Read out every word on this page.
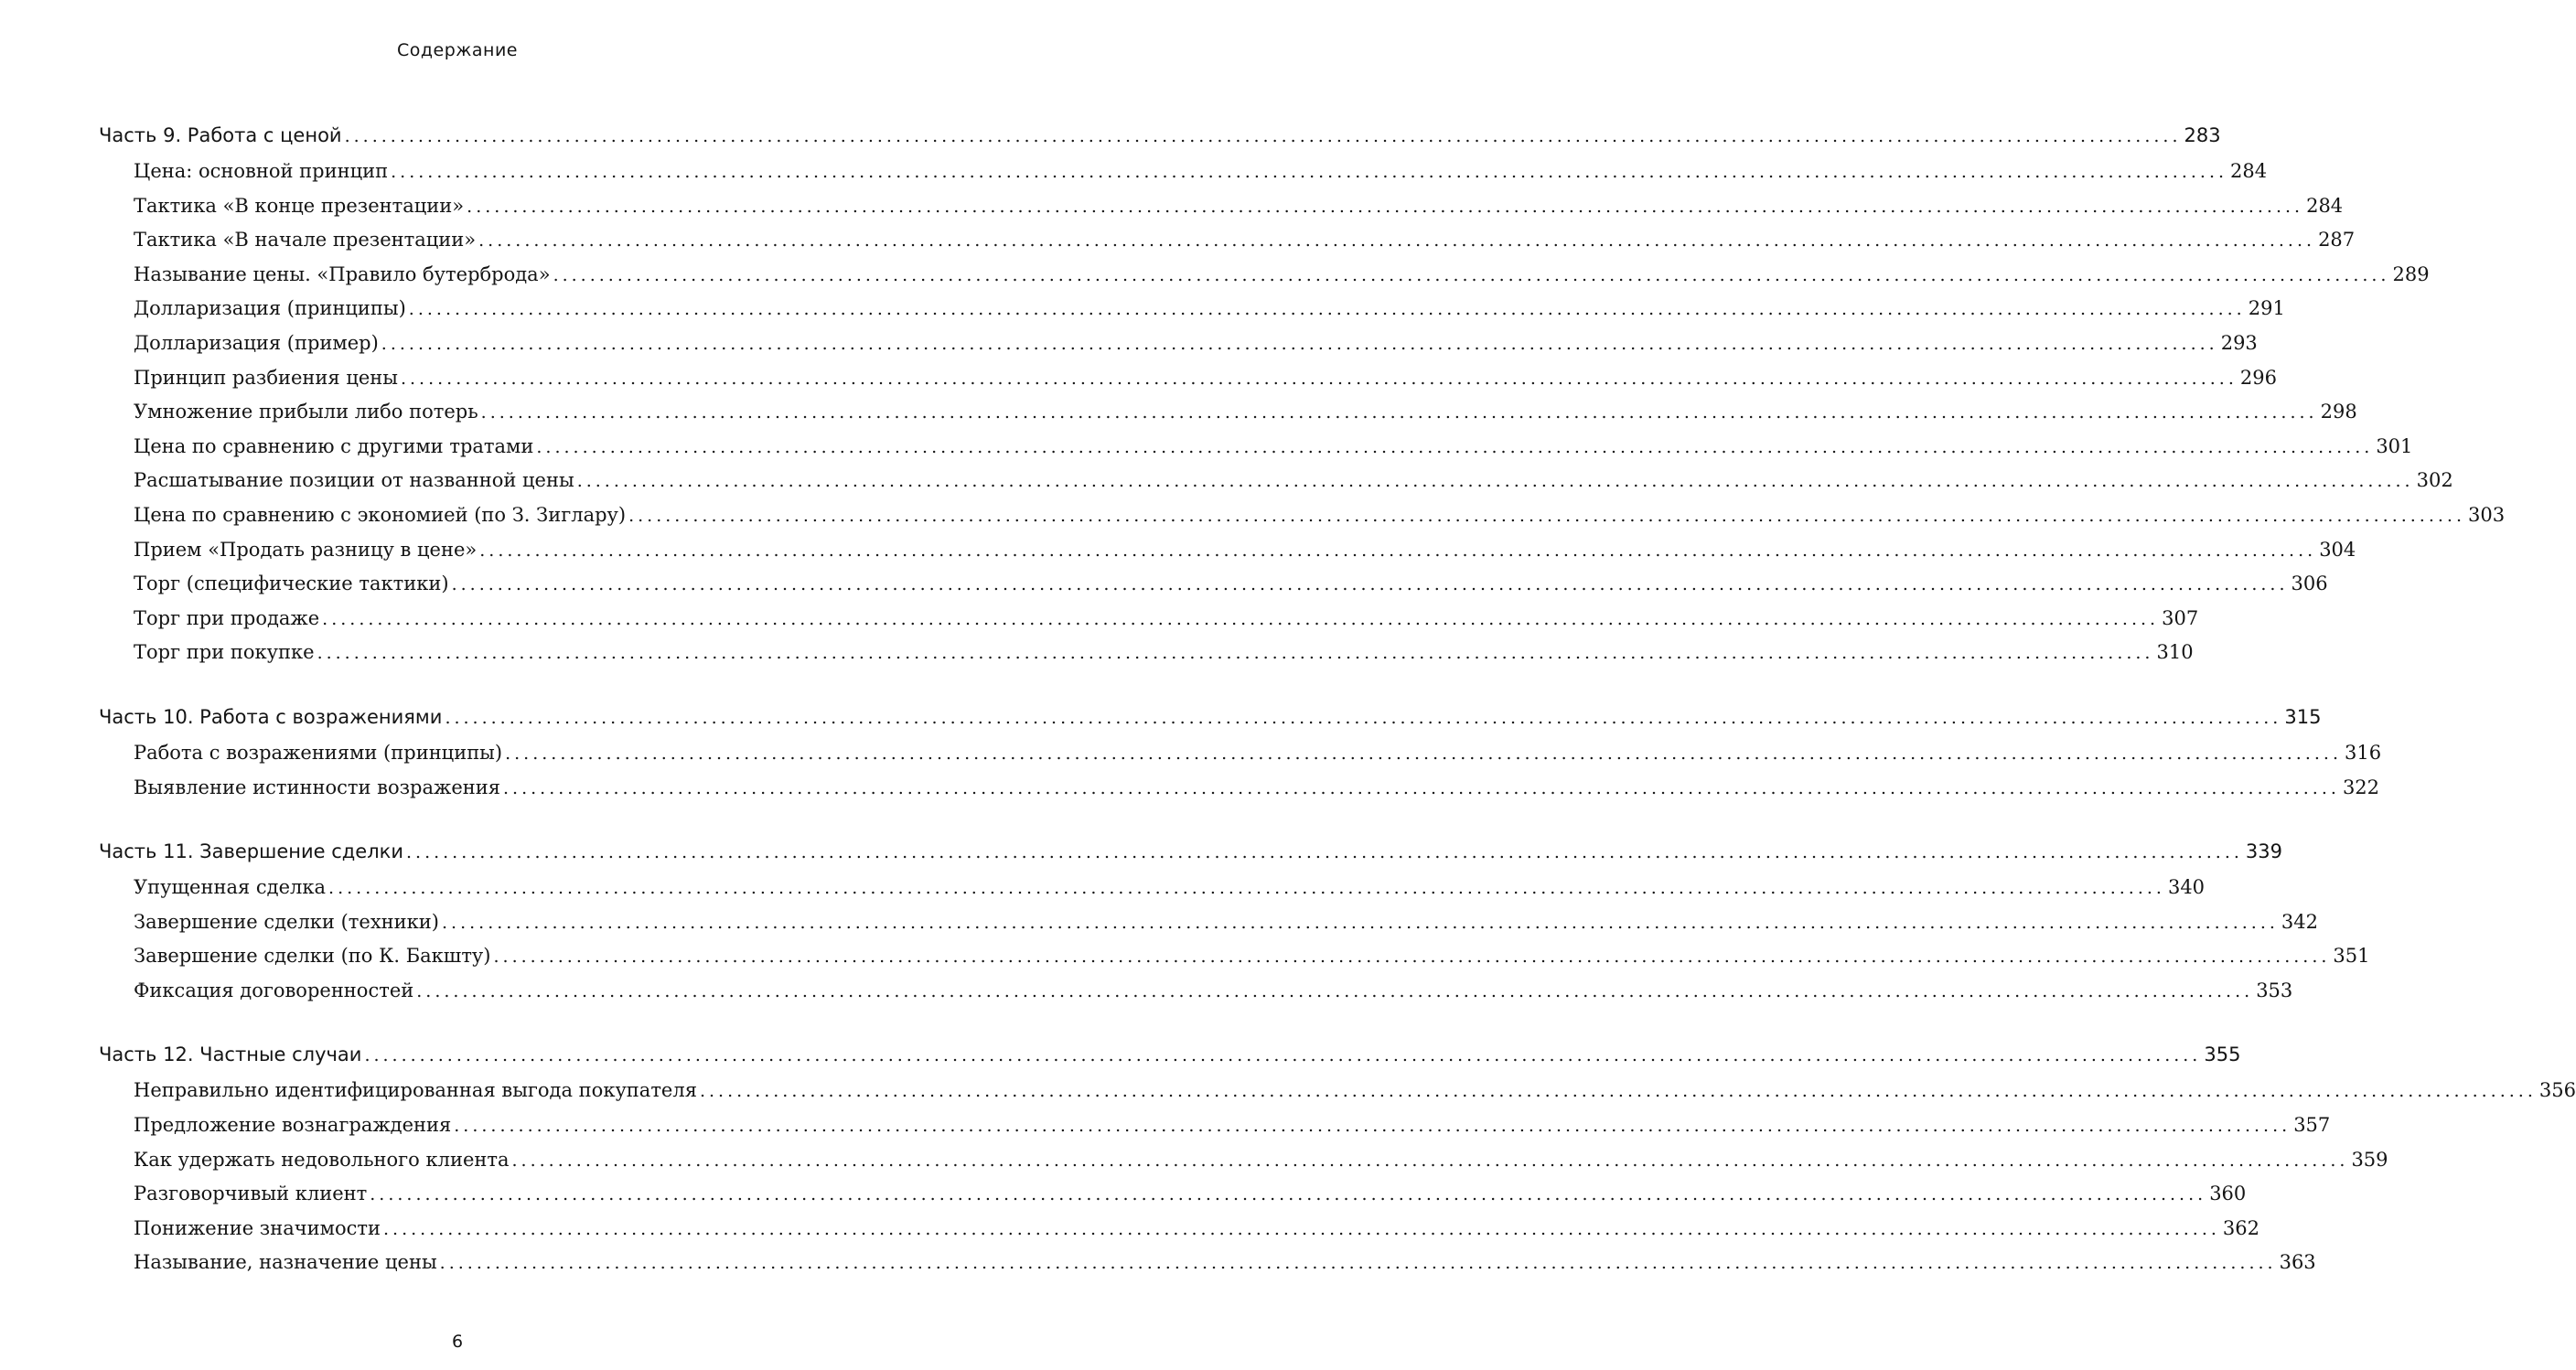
Содержание
Часть 9. Работа с ценой ........................................................................................................................................................................................................ 283
Цена: основной принцип ........................................................................................................................................................................................................ 284
Тактика «В конце презентации» ........................................................................................................................................................................................................ 284
Тактика «В начале презентации» ........................................................................................................................................................................................................ 287
Называние цены. «Правило бутерброда» ........................................................................................................................................................................................................ 289
Долларизация (принципы) ........................................................................................................................................................................................................ 291
Долларизация (пример) ........................................................................................................................................................................................................ 293
Принцип разбиения цены ........................................................................................................................................................................................................ 296
Умножение прибыли либо потерь ........................................................................................................................................................................................................ 298
Цена по сравнению с другими тратами ........................................................................................................................................................................................................ 301
Расшатывание позиции от названной цены ........................................................................................................................................................................................................ 302
Цена по сравнению с экономией (по З. Зиглару) ........................................................................................................................................................................................................ 303
Прием «Продать разницу в цене» ........................................................................................................................................................................................................ 304
Торг (специфические тактики) ........................................................................................................................................................................................................ 306
Торг при продаже ........................................................................................................................................................................................................ 307
Торг при покупке ........................................................................................................................................................................................................ 310
Часть 10. Работа с возражениями ........................................................................................................................................................................................................ 315
Работа с возражениями (принципы) ........................................................................................................................................................................................................ 316
Выявление истинности возражения ........................................................................................................................................................................................................ 322
Часть 11. Завершение сделки ........................................................................................................................................................................................................ 339
Упущенная сделка ........................................................................................................................................................................................................ 340
Завершение сделки (техники) ........................................................................................................................................................................................................ 342
Завершение сделки (по К. Бакшту) ........................................................................................................................................................................................................ 351
Фиксация договоренностей ........................................................................................................................................................................................................ 353
Часть 12. Частные случаи ........................................................................................................................................................................................................ 355
Неправильно идентифицированная выгода покупателя ........................................................................................................................................................................................................ 356
Предложение вознаграждения ........................................................................................................................................................................................................ 357
Как удержать недовольного клиента ........................................................................................................................................................................................................ 359
Разговорчивый клиент ........................................................................................................................................................................................................ 360
Понижение значимости ........................................................................................................................................................................................................ 362
Называние, назначение цены ........................................................................................................................................................................................................ 363
6
